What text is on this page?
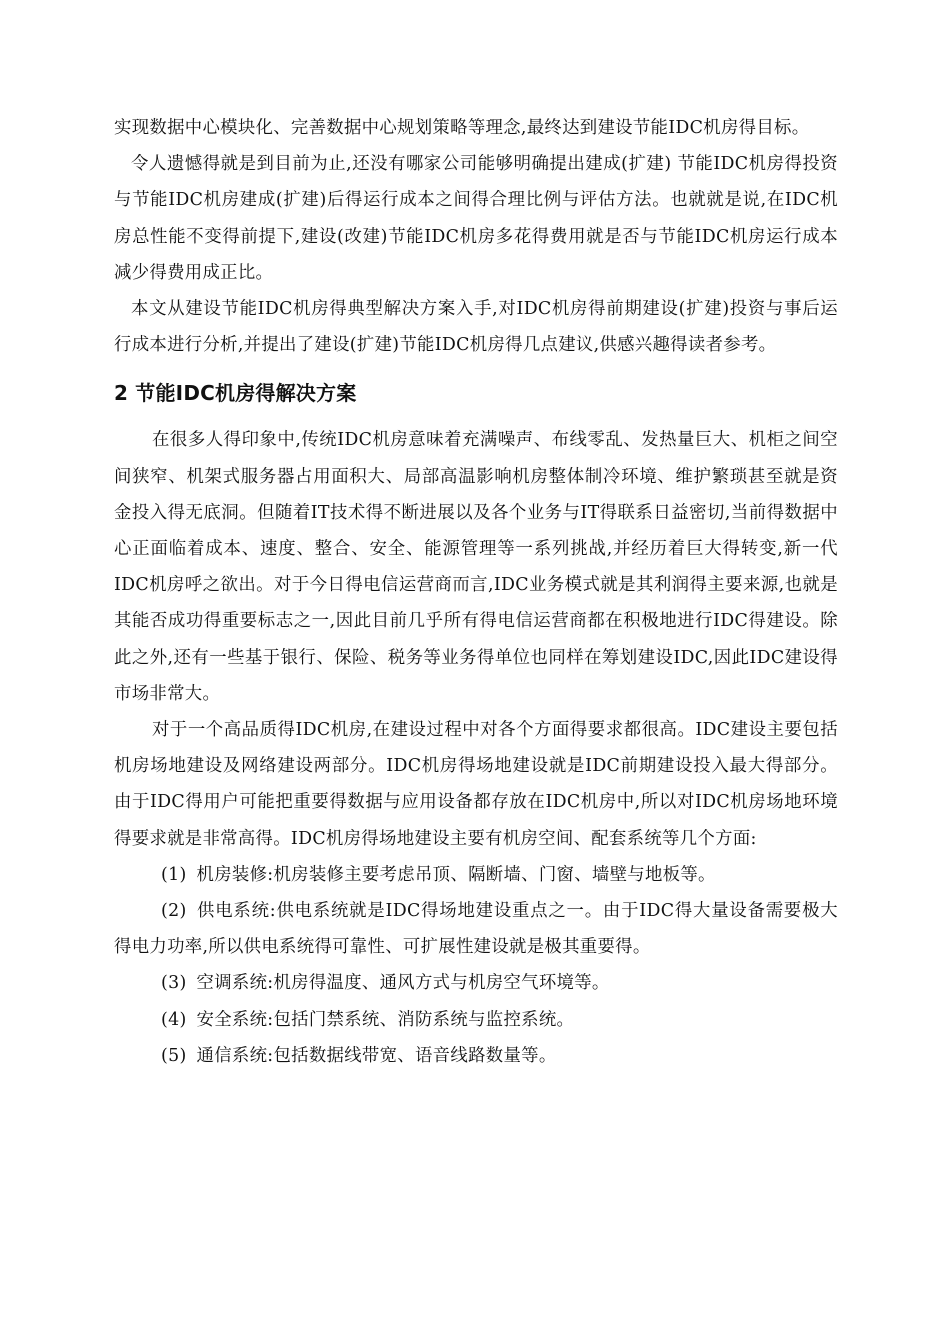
实现数据中心模块化、完善数据中心规划策略等理念,最终达到建设节能IDC机房得目标。

令人遗憾得就是到目前为止,还没有哪家公司能够明确提出建成(扩建) 节能IDC机房得投资与节能IDC机房建成(扩建)后得运行成本之间得合理比例与评估方法。也就就是说,在IDC机房总性能不变得前提下,建设(改建)节能IDC机房多花得费用就是否与节能IDC机房运行成本减少得费用成正比。

本文从建设节能IDC机房得典型解决方案入手,对IDC机房得前期建设(扩建)投资与事后运行成本进行分析,并提出了建设(扩建)节能IDC机房得几点建议,供感兴趣得读者参考。

2 节能IDC机房得解决方案

在很多人得印象中,传统IDC机房意味着充满噪声、布线零乱、发热量巨大、机柜之间空间狭窄、机架式服务器占用面积大、局部高温影响机房整体制冷环境、维护繁琐甚至就是资金投入得无底洞。但随着IT技术得不断进展以及各个业务与IT得联系日益密切,当前得数据中心正面临着成本、速度、整合、安全、能源管理等一系列挑战,并经历着巨大得转变,新一代IDC机房呼之欲出。对于今日得电信运营商而言,IDC业务模式就是其利润得主要来源,也就是其能否成功得重要标志之一,因此目前几乎所有得电信运营商都在积极地进行IDC得建设。除此之外,还有一些基于银行、保险、税务等业务得单位也同样在筹划建设IDC,因此IDC建设得市场非常大。

对于一个高品质得IDC机房,在建设过程中对各个方面得要求都很高。IDC建设主要包括机房场地建设及网络建设两部分。IDC机房得场地建设就是IDC前期建设投入最大得部分。由于IDC得用户可能把重要得数据与应用设备都存放在IDC机房中,所以对IDC机房场地环境得要求就是非常高得。IDC机房得场地建设主要有机房空间、配套系统等几个方面:

(1) 机房装修:机房装修主要考虑吊顶、隔断墙、门窗、墙壁与地板等。

(2) 供电系统:供电系统就是IDC得场地建设重点之一。由于IDC得大量设备需要极大得电力功率,所以供电系统得可靠性、可扩展性建设就是极其重要得。

(3) 空调系统:机房得温度、通风方式与机房空气环境等。

(4) 安全系统:包括门禁系统、消防系统与监控系统。

(5) 通信系统:包括数据线带宽、语音线路数量等。
